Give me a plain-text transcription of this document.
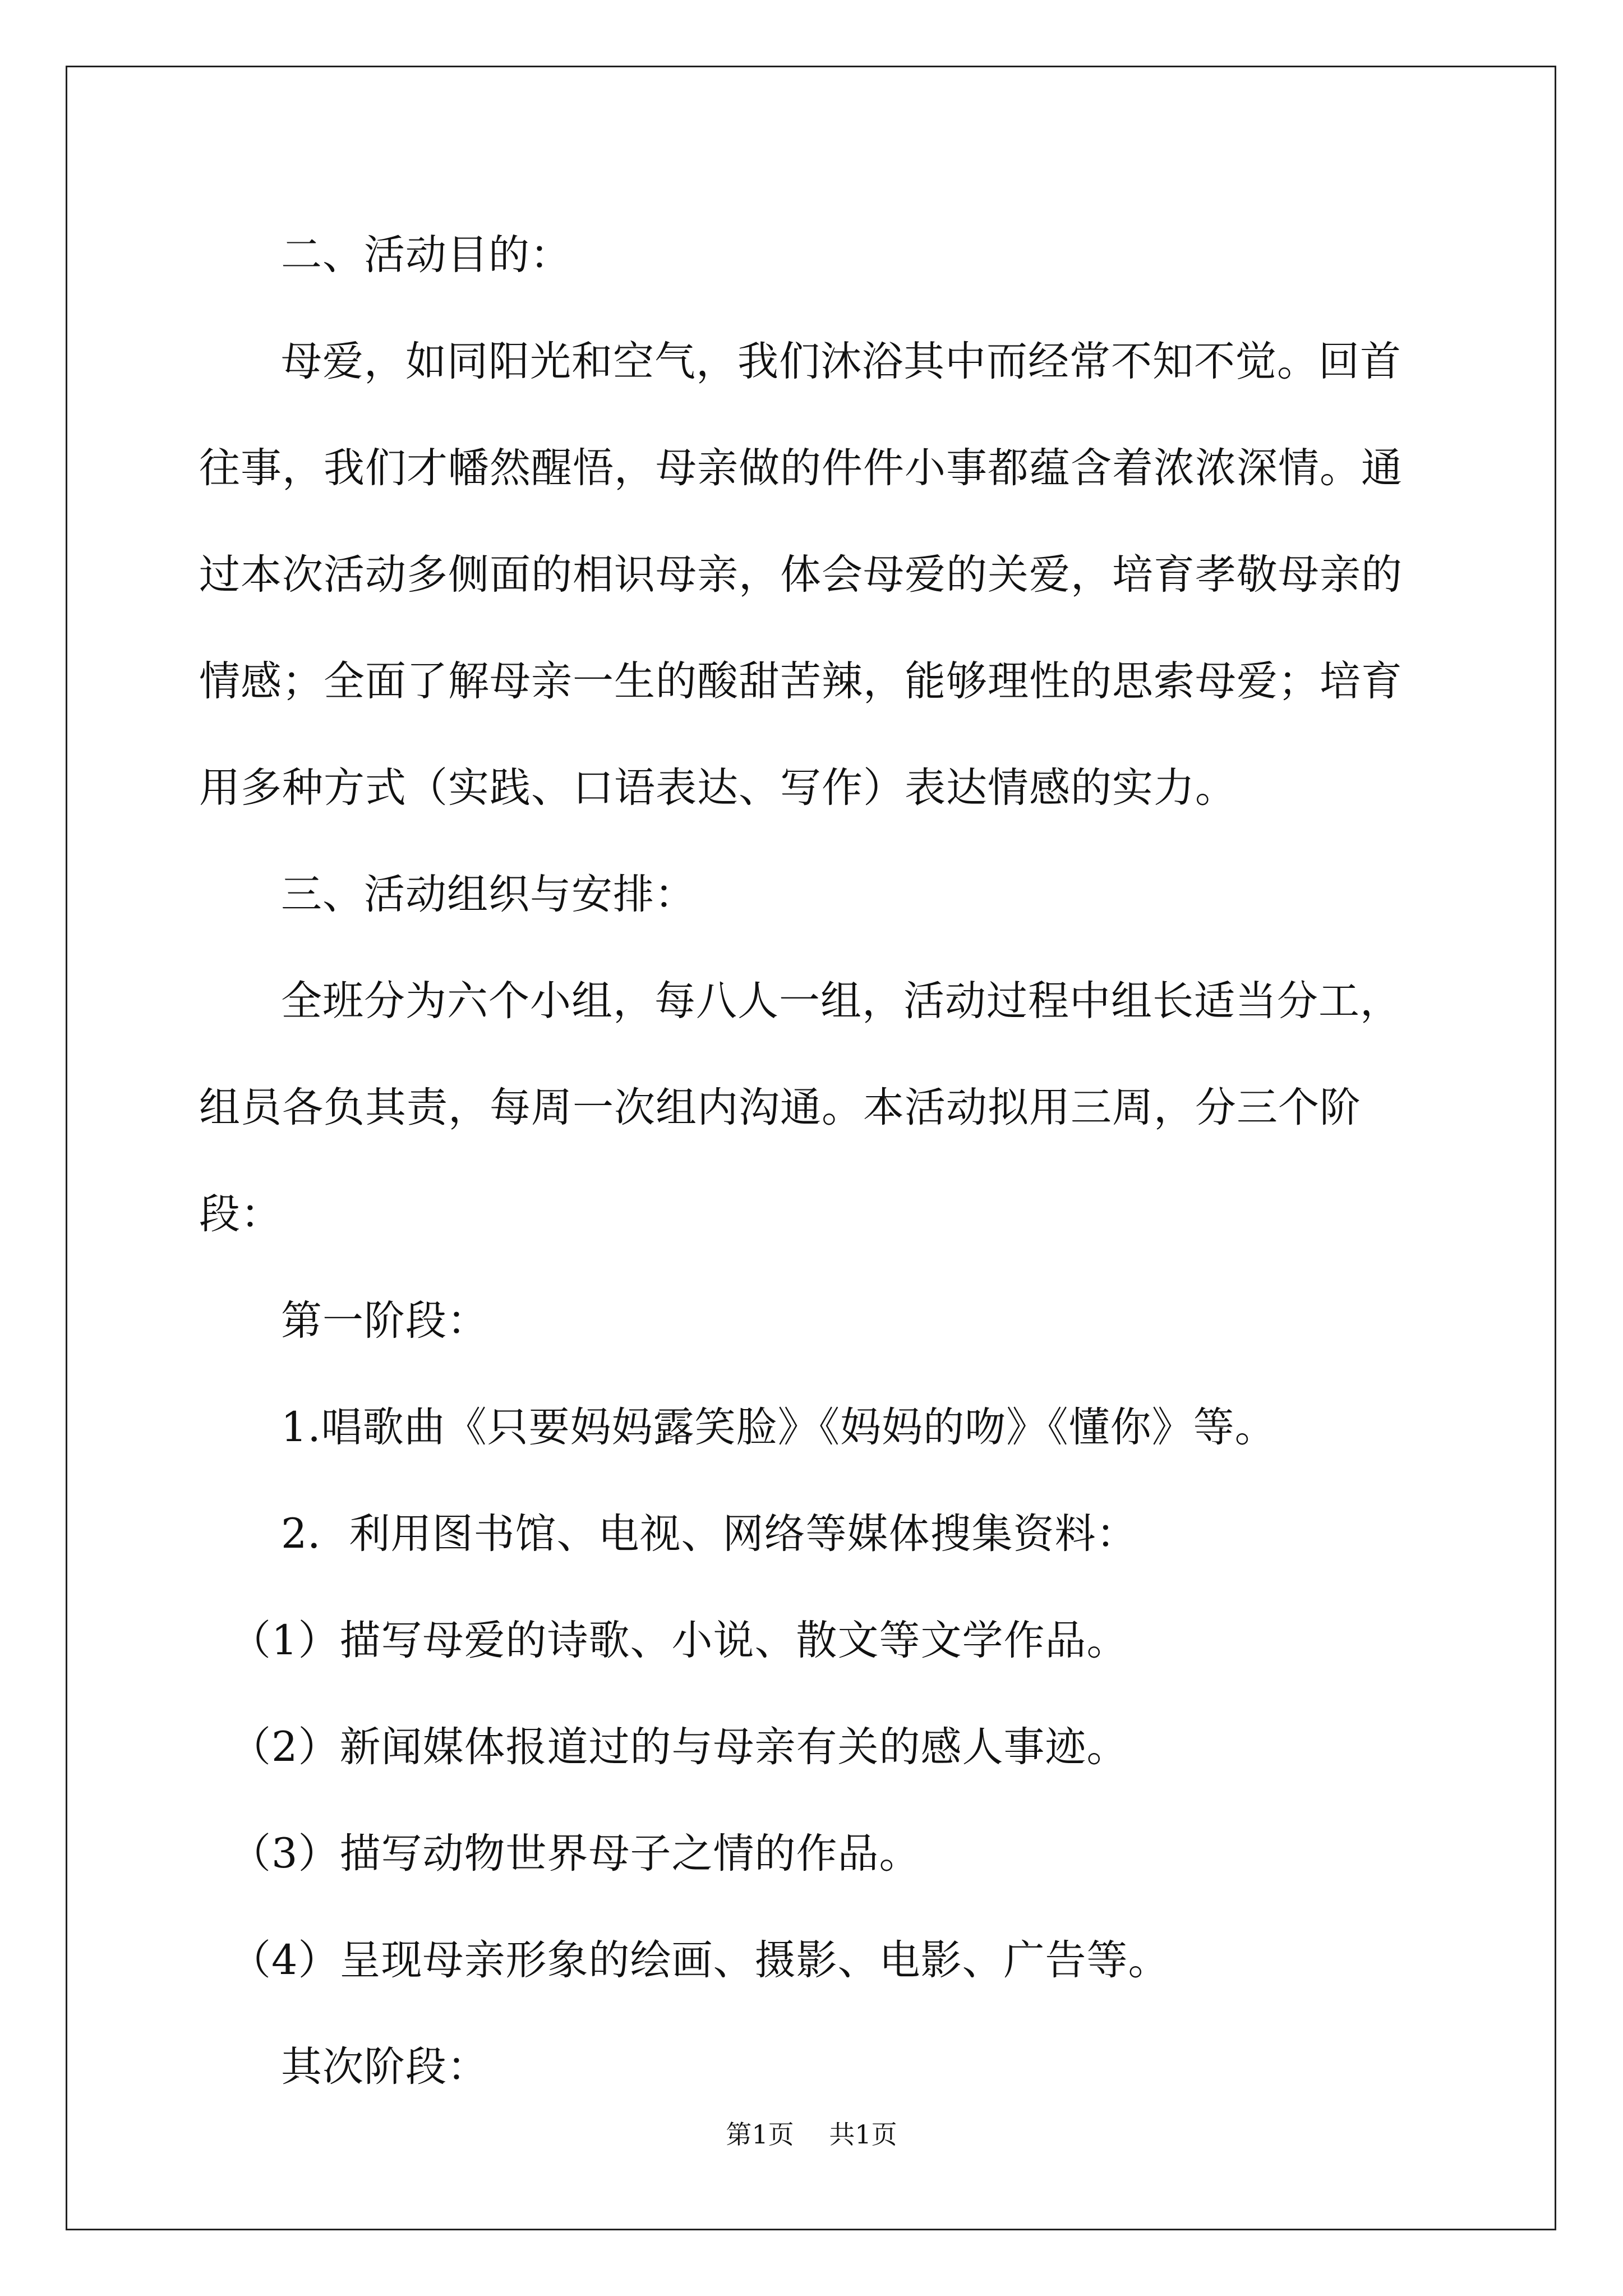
二、活动目的：

母爱，如同阳光和空气，我们沐浴其中而经常不知不觉。回首往事，我们才幡然醒悟，母亲做的件件小事都蕴含着浓浓深情。通过本次活动多侧面的相识母亲，体会母爱的关爱，培育孝敬母亲的情感；全面了解母亲一生的酸甜苦辣，能够理性的思索母爱；培育用多种方式（实践、口语表达、写作）表达情感的实力。

三、活动组织与安排：

全班分为六个小组，每八人一组，活动过程中组长适当分工，组员各负其责，每周一次组内沟通。本活动拟用三周，分三个阶段：

第一阶段：

1.唱歌曲《只要妈妈露笑脸》《妈妈的吻》《懂你》等。

2．利用图书馆、电视、网络等媒体搜集资料：

（1）描写母爱的诗歌、小说、散文等文学作品。

（2）新闻媒体报道过的与母亲有关的感人事迹。

（3）描写动物世界母子之情的作品。

（4）呈现母亲形象的绘画、摄影、电影、广告等。

其次阶段：

第1页 共1页
